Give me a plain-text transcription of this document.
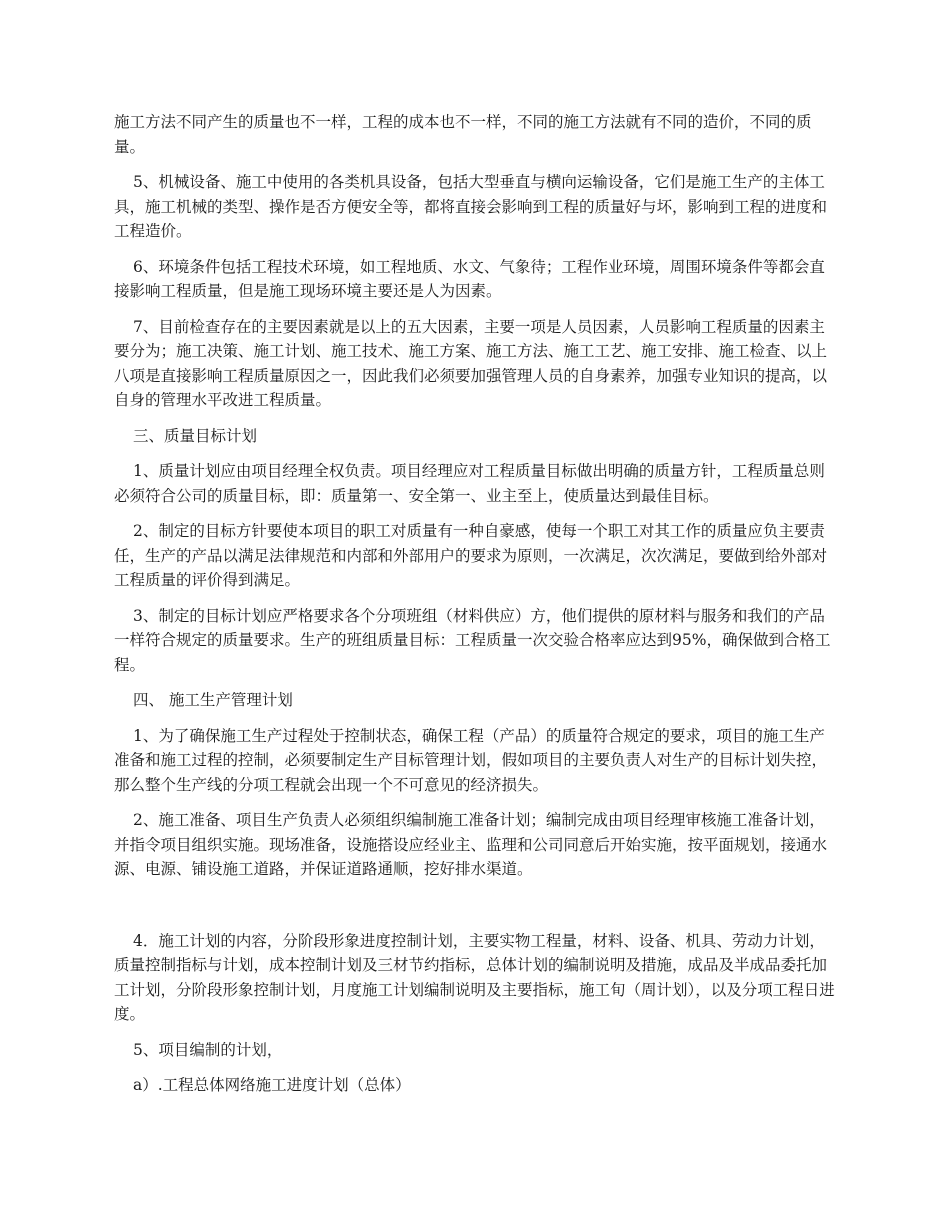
施工方法不同产生的质量也不一样，工程的成本也不一样，不同的施工方法就有不同的造价，不同的质量。

5、机械设备、施工中使用的各类机具设备，包括大型垂直与横向运输设备，它们是施工生产的主体工具，施工机械的类型、操作是否方便安全等，都将直接会影响到工程的质量好与坏，影响到工程的进度和工程造价。

6、环境条件包括工程技术环境，如工程地质、水文、气象待；工程作业环境，周围环境条件等都会直接影响工程质量，但是施工现场环境主要还是人为因素。

7、目前检查存在的主要因素就是以上的五大因素，主要一项是人员因素，人员影响工程质量的因素主要分为；施工决策、施工计划、施工技术、施工方案、施工方法、施工工艺、施工安排、施工检查、以上八项是直接影响工程质量原因之一，因此我们必须要加强管理人员的自身素养，加强专业知识的提高，以自身的管理水平改进工程质量。

三、质量目标计划

1、质量计划应由项目经理全权负责。项目经理应对工程质量目标做出明确的质量方针，工程质量总则必须符合公司的质量目标，即：质量第一、安全第一、业主至上，使质量达到最佳目标。

2、制定的目标方针要使本项目的职工对质量有一种自豪感，使每一个职工对其工作的质量应负主要责任，生产的产品以满足法律规范和内部和外部用户的要求为原则，一次满足，次次满足，要做到给外部对工程质量的评价得到满足。

3、制定的目标计划应严格要求各个分项班组（材料供应）方，他们提供的原材料与服务和我们的产品一样符合规定的质量要求。生产的班组质量目标：工程质量一次交验合格率应达到95%，确保做到合格工程。

四、 施工生产管理计划

1、为了确保施工生产过程处于控制状态，确保工程（产品）的质量符合规定的要求，项目的施工生产准备和施工过程的控制，必须要制定生产目标管理计划，假如项目的主要负责人对生产的目标计划失控，那么整个生产线的分项工程就会出现一个不可意见的经济损失。

2、施工准备、项目生产负责人必须组织编制施工准备计划；编制完成由项目经理审核施工准备计划，并指令项目组织实施。现场准备，设施搭设应经业主、监理和公司同意后开始实施，按平面规划，接通水源、电源、铺设施工道路，并保证道路通顺，挖好排水渠道。

4．施工计划的内容，分阶段形象进度控制计划，主要实物工程量，材料、设备、机具、劳动力计划，质量控制指标与计划，成本控制计划及三材节约指标，总体计划的编制说明及措施，成品及半成品委托加工计划，分阶段形象控制计划，月度施工计划编制说明及主要指标，施工旬（周计划），以及分项工程日进度。

5、项目编制的计划，

a）.工程总体网络施工进度计划（总体）
